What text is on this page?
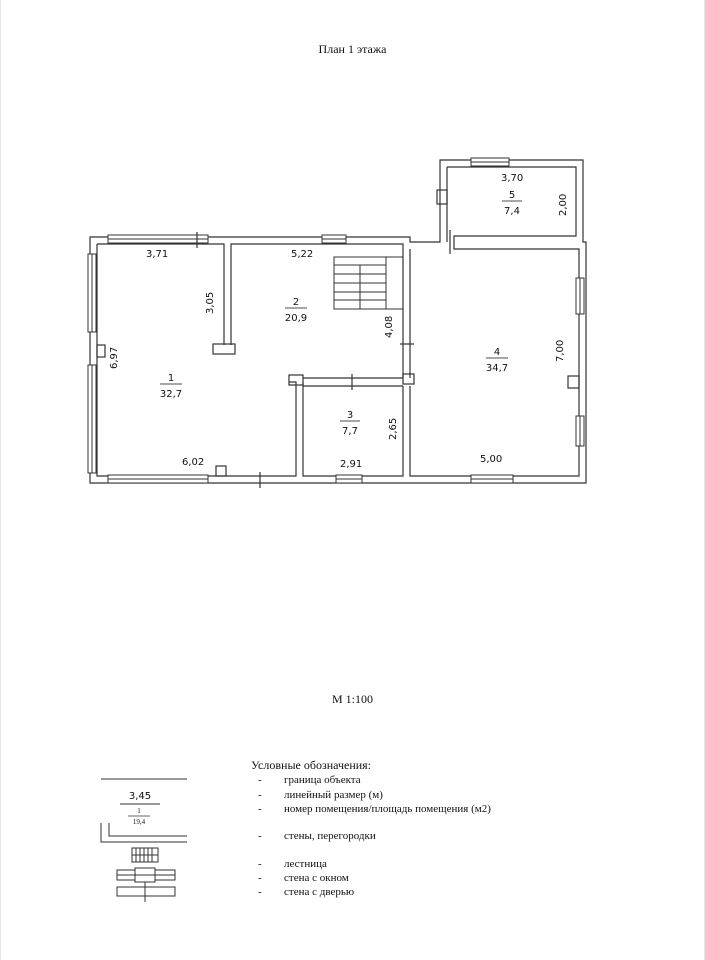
План 1 этажа
1
32,7
2
20,9
3
7,7
4
34,7
5
7,4
3,71
6,97
6,02
3,05
5,22
4,08
2,91
2,65
7,00
5,00
3,70
2,00
М 1:100
3,45
1
19,4
Условные обозначения:
- границa объекта
- линейный размер (м)
- номер помещения/площадь помещения (м2)
- стены, перегородки
- лестница
- стена с окном
- стена с дверью
